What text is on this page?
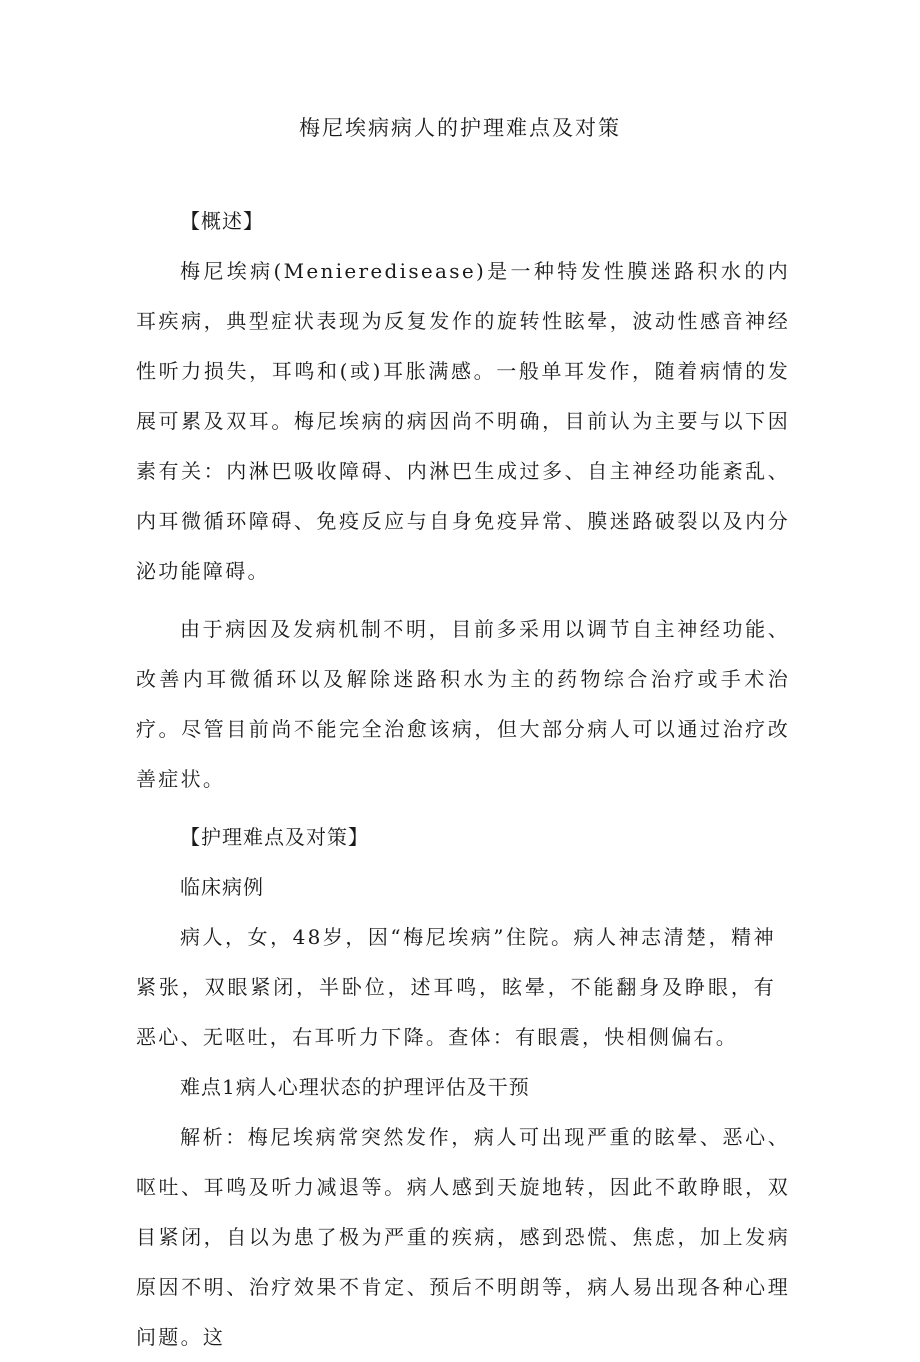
梅尼埃病病人的护理难点及对策

【概述】

梅尼埃病(Menieredisease)是一种特发性膜迷路积水的内耳疾病，典型症状表现为反复发作的旋转性眩晕，波动性感音神经性听力损失，耳鸣和(或)耳胀满感。一般单耳发作，随着病情的发展可累及双耳。梅尼埃病的病因尚不明确，目前认为主要与以下因素有关：内淋巴吸收障碍、内淋巴生成过多、自主神经功能紊乱、内耳微循环障碍、免疫反应与自身免疫异常、膜迷路破裂以及内分泌功能障碍。

由于病因及发病机制不明，目前多采用以调节自主神经功能、改善内耳微循环以及解除迷路积水为主的药物综合治疗或手术治疗。尽管目前尚不能完全治愈该病，但大部分病人可以通过治疗改善症状。

【护理难点及对策】

临床病例

病人，女，48岁，因“梅尼埃病”住院。病人神志清楚，精神紧张，双眼紧闭，半卧位，述耳鸣，眩晕，不能翻身及睁眼，有恶心、无呕吐，右耳听力下降。查体：有眼震，快相侧偏右。

难点1病人心理状态的护理评估及干预

解析：梅尼埃病常突然发作，病人可出现严重的眩晕、恶心、呕吐、耳鸣及听力减退等。病人感到天旋地转，因此不敢睁眼，双目紧闭，自以为患了极为严重的疾病，感到恐慌、焦虑，加上发病原因不明、治疗效果不肯定、预后不明朗等，病人易出现各种心理问题。这
